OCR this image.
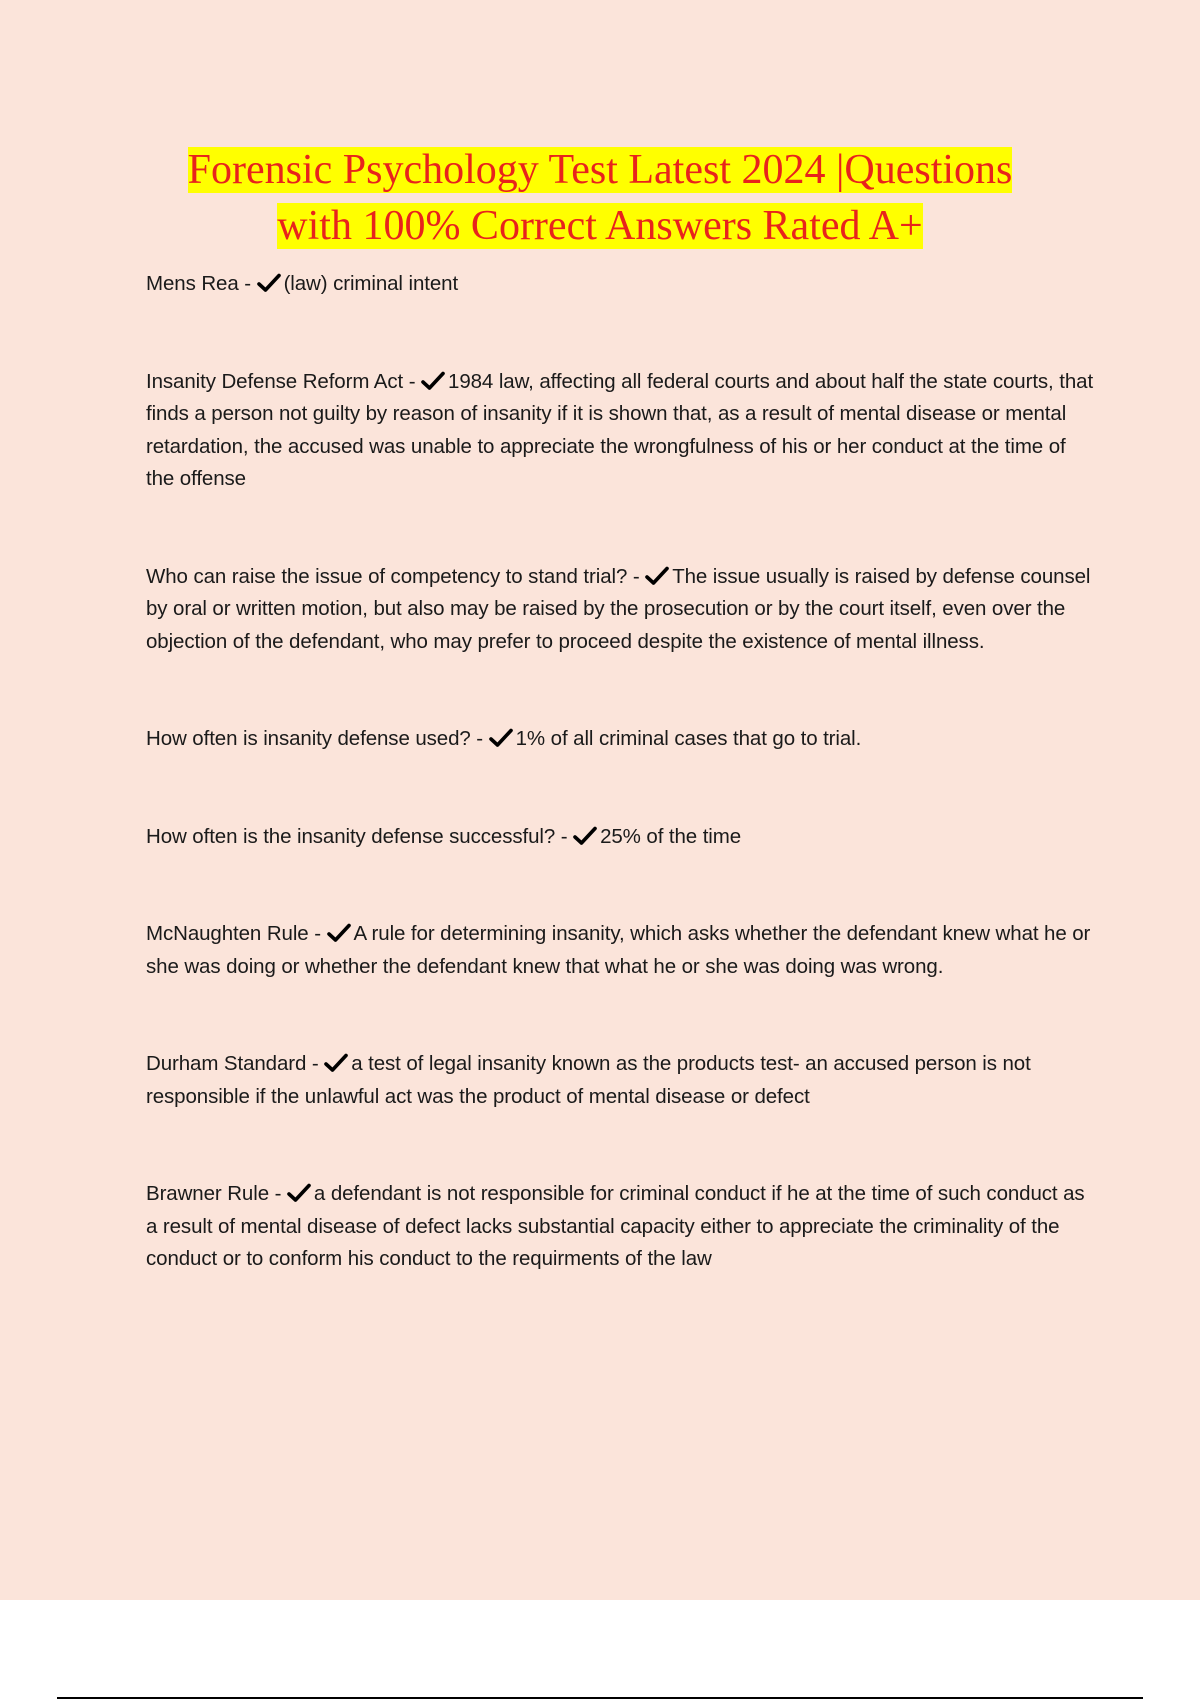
Forensic Psychology Test Latest 2024 |Questions
with 100% Correct Answers Rated A+

Mens Rea - (law) criminal intent

Insanity Defense Reform Act - 1984 law, affecting all federal courts and about half the state courts, that finds a person not guilty by reason of insanity if it is shown that, as a result of mental disease or mental retardation, the accused was unable to appreciate the wrongfulness of his or her conduct at the time of the offense

Who can raise the issue of competency to stand trial? - The issue usually is raised by defense counsel by oral or written motion, but also may be raised by the prosecution or by the court itself, even over the objection of the defendant, who may prefer to proceed despite the existence of mental illness.

How often is insanity defense used? - 1% of all criminal cases that go to trial.

How often is the insanity defense successful? - 25% of the time

McNaughten Rule - A rule for determining insanity, which asks whether the defendant knew what he or she was doing or whether the defendant knew that what he or she was doing was wrong.

Durham Standard - a test of legal insanity known as the products test- an accused person is not responsible if the unlawful act was the product of mental disease or defect

Brawner Rule - a defendant is not responsible for criminal conduct if he at the time of such conduct as a result of mental disease of defect lacks substantial capacity either to appreciate the criminality of the conduct or to conform his conduct to the requirments of the law
